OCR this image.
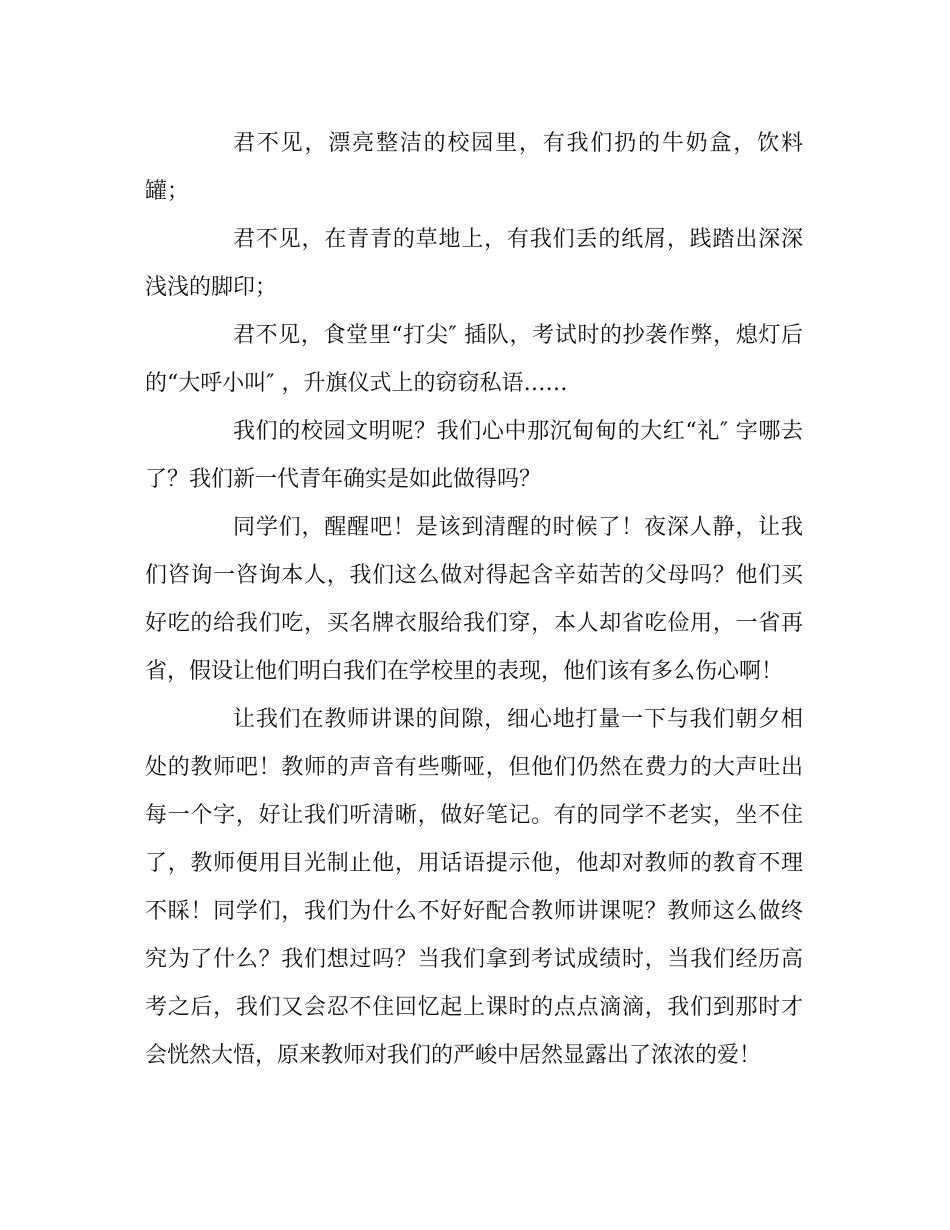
君不见，漂亮整洁的校园里，有我们扔的牛奶盒，饮料罐；

君不见，在青青的草地上，有我们丢的纸屑，践踏出深深浅浅的脚印；

君不见，食堂里“打尖″ 插队，考试时的抄袭作弊，熄灯后的“大呼小叫″ ，升旗仪式上的窃窃私语……

我们的校园文明呢？我们心中那沉甸甸的大红“礼″ 字哪去了？我们新一代青年确实是如此做得吗？

同学们，醒醒吧！是该到清醒的时候了！夜深人静，让我们咨询一咨询本人，我们这么做对得起含辛茹苦的父母吗？他们买好吃的给我们吃，买名牌衣服给我们穿，本人却省吃俭用，一省再省，假设让他们明白我们在学校里的表现，他们该有多么伤心啊！

让我们在教师讲课的间隙，细心地打量一下与我们朝夕相处的教师吧！教师的声音有些嘶哑，但他们仍然在费力的大声吐出每一个字，好让我们听清晰，做好笔记。有的同学不老实，坐不住了，教师便用目光制止他，用话语提示他，他却对教师的教育不理不睬！同学们，我们为什么不好好配合教师讲课呢？教师这么做终究为了什么？我们想过吗？当我们拿到考试成绩时，当我们经历高考之后，我们又会忍不住回忆起上课时的点点滴滴，我们到那时才会恍然大悟，原来教师对我们的严峻中居然显露出了浓浓的爱！
